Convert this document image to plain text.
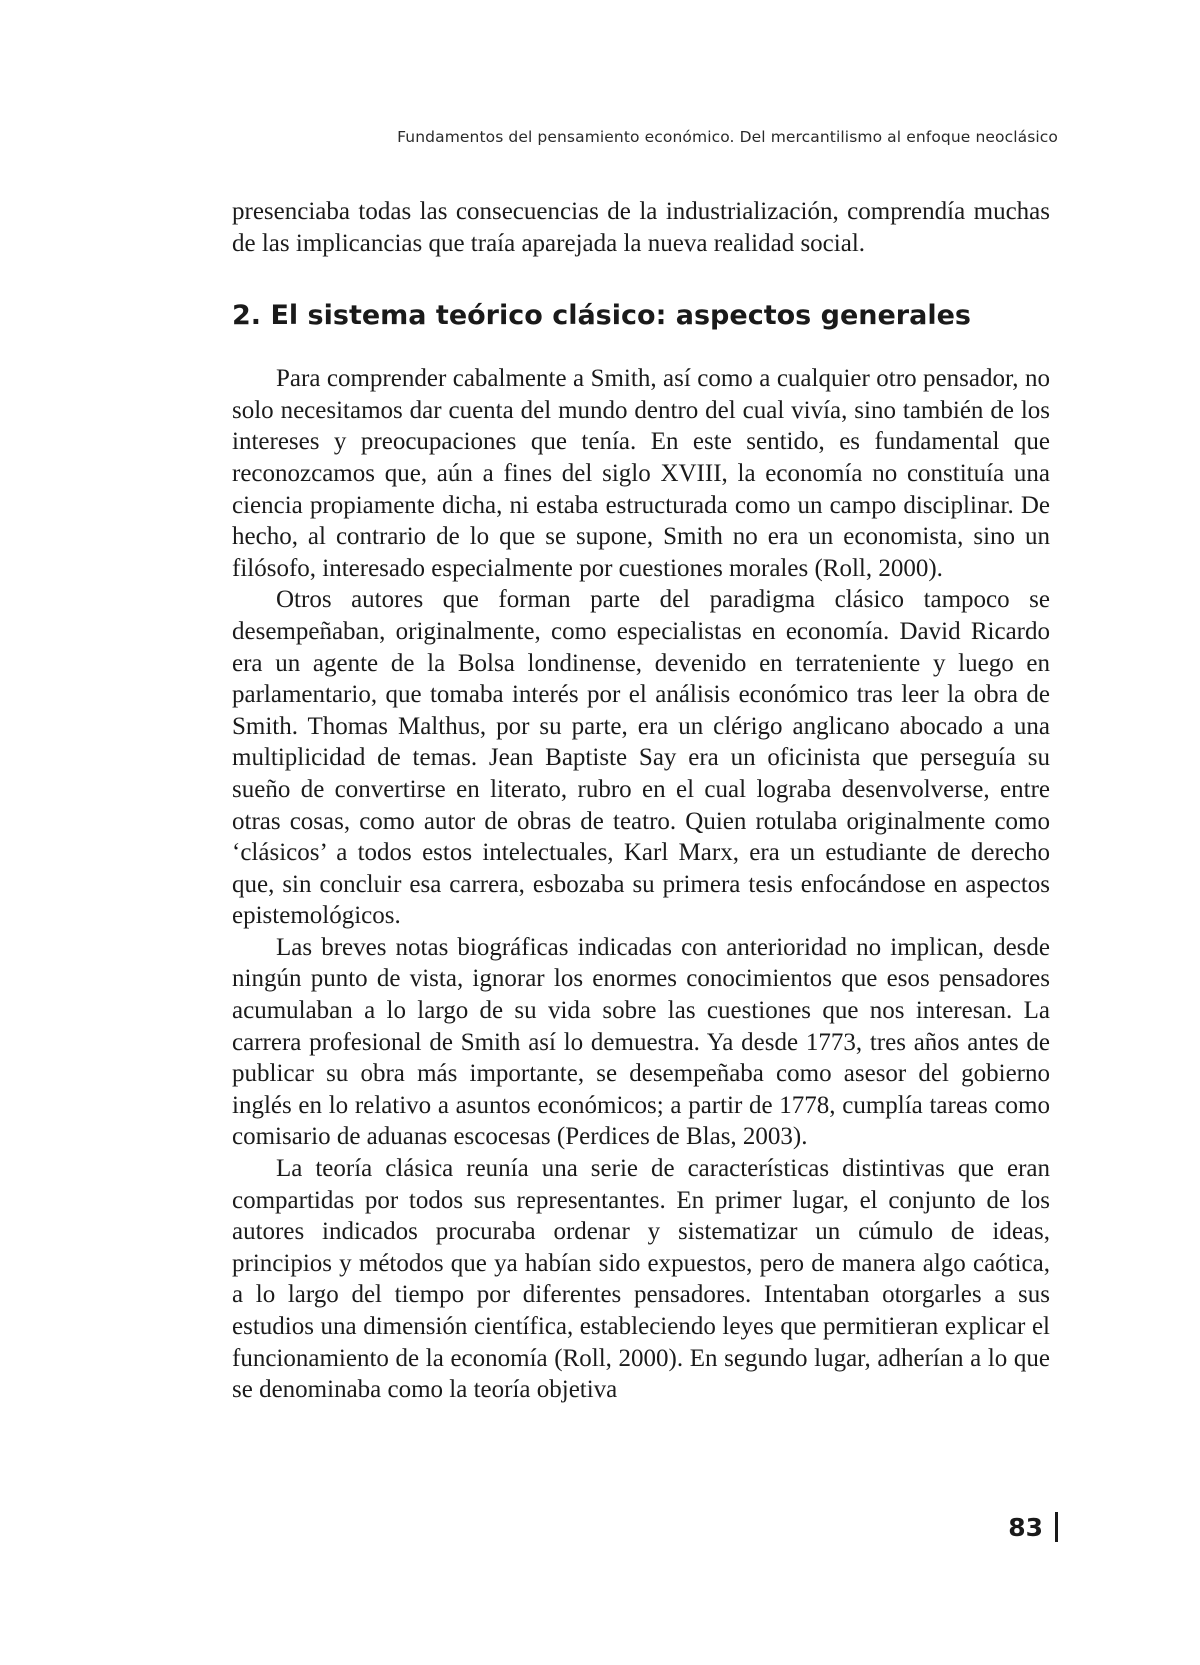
Fundamentos del pensamiento económico. Del mercantilismo al enfoque neoclásico

presenciaba todas las consecuencias de la industrialización, comprendía muchas de las implicancias que traía aparejada la nueva realidad social.

2. El sistema teórico clásico: aspectos generales

Para comprender cabalmente a Smith, así como a cualquier otro pensador, no solo necesitamos dar cuenta del mundo dentro del cual vivía, sino también de los intereses y preocupaciones que tenía. En este sentido, es fundamental que reconozcamos que, aún a fines del siglo XVIII, la economía no constituía una ciencia propiamente dicha, ni estaba estructurada como un campo disciplinar. De hecho, al contrario de lo que se supone, Smith no era un economista, sino un filósofo, interesado especialmente por cuestiones morales (Roll, 2000).

Otros autores que forman parte del paradigma clásico tampoco se desempeñaban, originalmente, como especialistas en economía. David Ricardo era un agente de la Bolsa londinense, devenido en terrateniente y luego en parlamentario, que tomaba interés por el análisis económico tras leer la obra de Smith. Thomas Malthus, por su parte, era un clérigo anglicano abocado a una multiplicidad de temas. Jean Baptiste Say era un oficinista que perseguía su sueño de convertirse en literato, rubro en el cual lograba desenvolverse, entre otras cosas, como autor de obras de teatro. Quien rotulaba originalmente como ‘clásicos’ a todos estos intelectuales, Karl Marx, era un estudiante de derecho que, sin concluir esa carrera, esbozaba su primera tesis enfocándose en aspectos epistemológicos.

Las breves notas biográficas indicadas con anterioridad no implican, desde ningún punto de vista, ignorar los enormes conocimientos que esos pensadores acumulaban a lo largo de su vida sobre las cuestiones que nos interesan. La carrera profesional de Smith así lo demuestra. Ya desde 1773, tres años antes de publicar su obra más importante, se desempeñaba como asesor del gobierno inglés en lo relativo a asuntos económicos; a partir de 1778, cumplía tareas como comisario de aduanas escocesas (Perdices de Blas, 2003).

La teoría clásica reunía una serie de características distintivas que eran compartidas por todos sus representantes. En primer lugar, el conjunto de los autores indicados procuraba ordenar y sistematizar un cúmulo de ideas, principios y métodos que ya habían sido expuestos, pero de manera algo caótica, a lo largo del tiempo por diferentes pensadores. Intentaban otorgarles a sus estudios una dimensión científica, estableciendo leyes que permitieran explicar el funcionamiento de la economía (Roll, 2000). En segundo lugar, adherían a lo que se denominaba como la teoría objetiva

83
